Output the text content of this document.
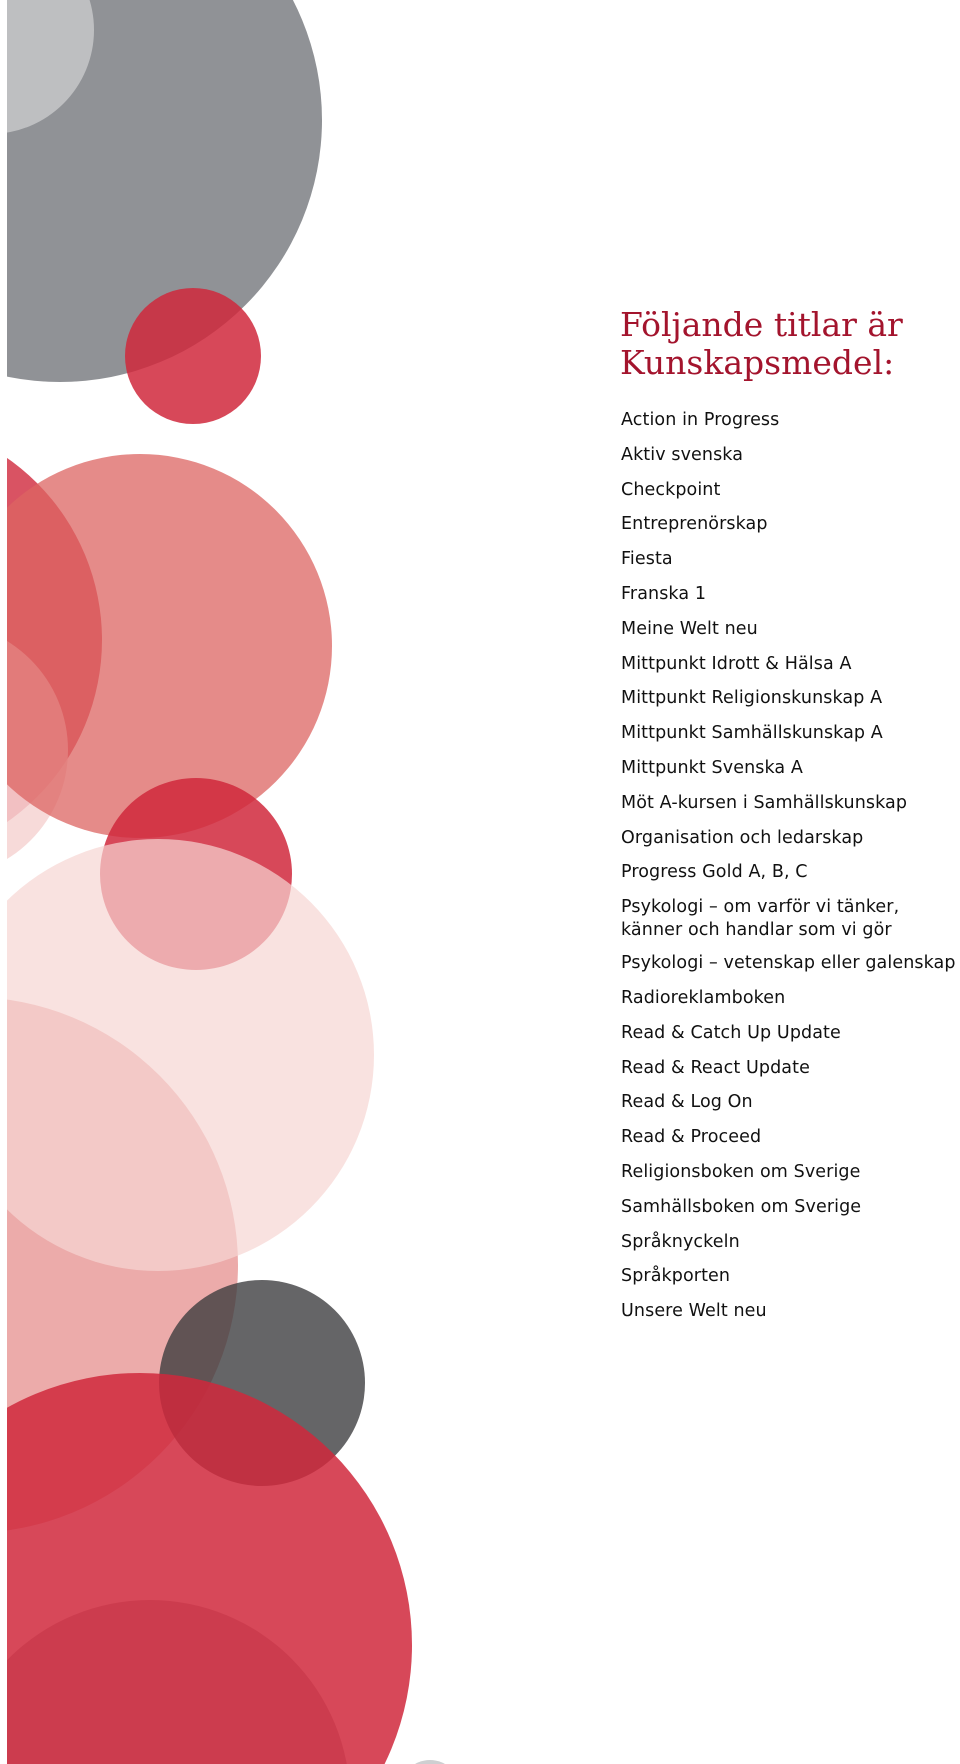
Följande titlar är
Kunskapsmedel:
Action in Progress
Aktiv svenska
Checkpoint
Entreprenörskap
Fiesta
Franska 1
Meine Welt neu
Mittpunkt Idrott & Hälsa A
Mittpunkt Religionskunskap A
Mittpunkt Samhällskunskap A
Mittpunkt Svenska A
Möt A-kursen i Samhällskunskap
Organisation och ledarskap
Progress Gold A, B, C
Psykologi – om varför vi tänker,
känner och handlar som vi gör
Psykologi – vetenskap eller galenskap
Radioreklamboken
Read & Catch Up Update
Read & React Update
Read & Log On
Read & Proceed
Religionsboken om Sverige
Samhällsboken om Sverige
Språknyckeln
Språkporten
Unsere Welt neu
